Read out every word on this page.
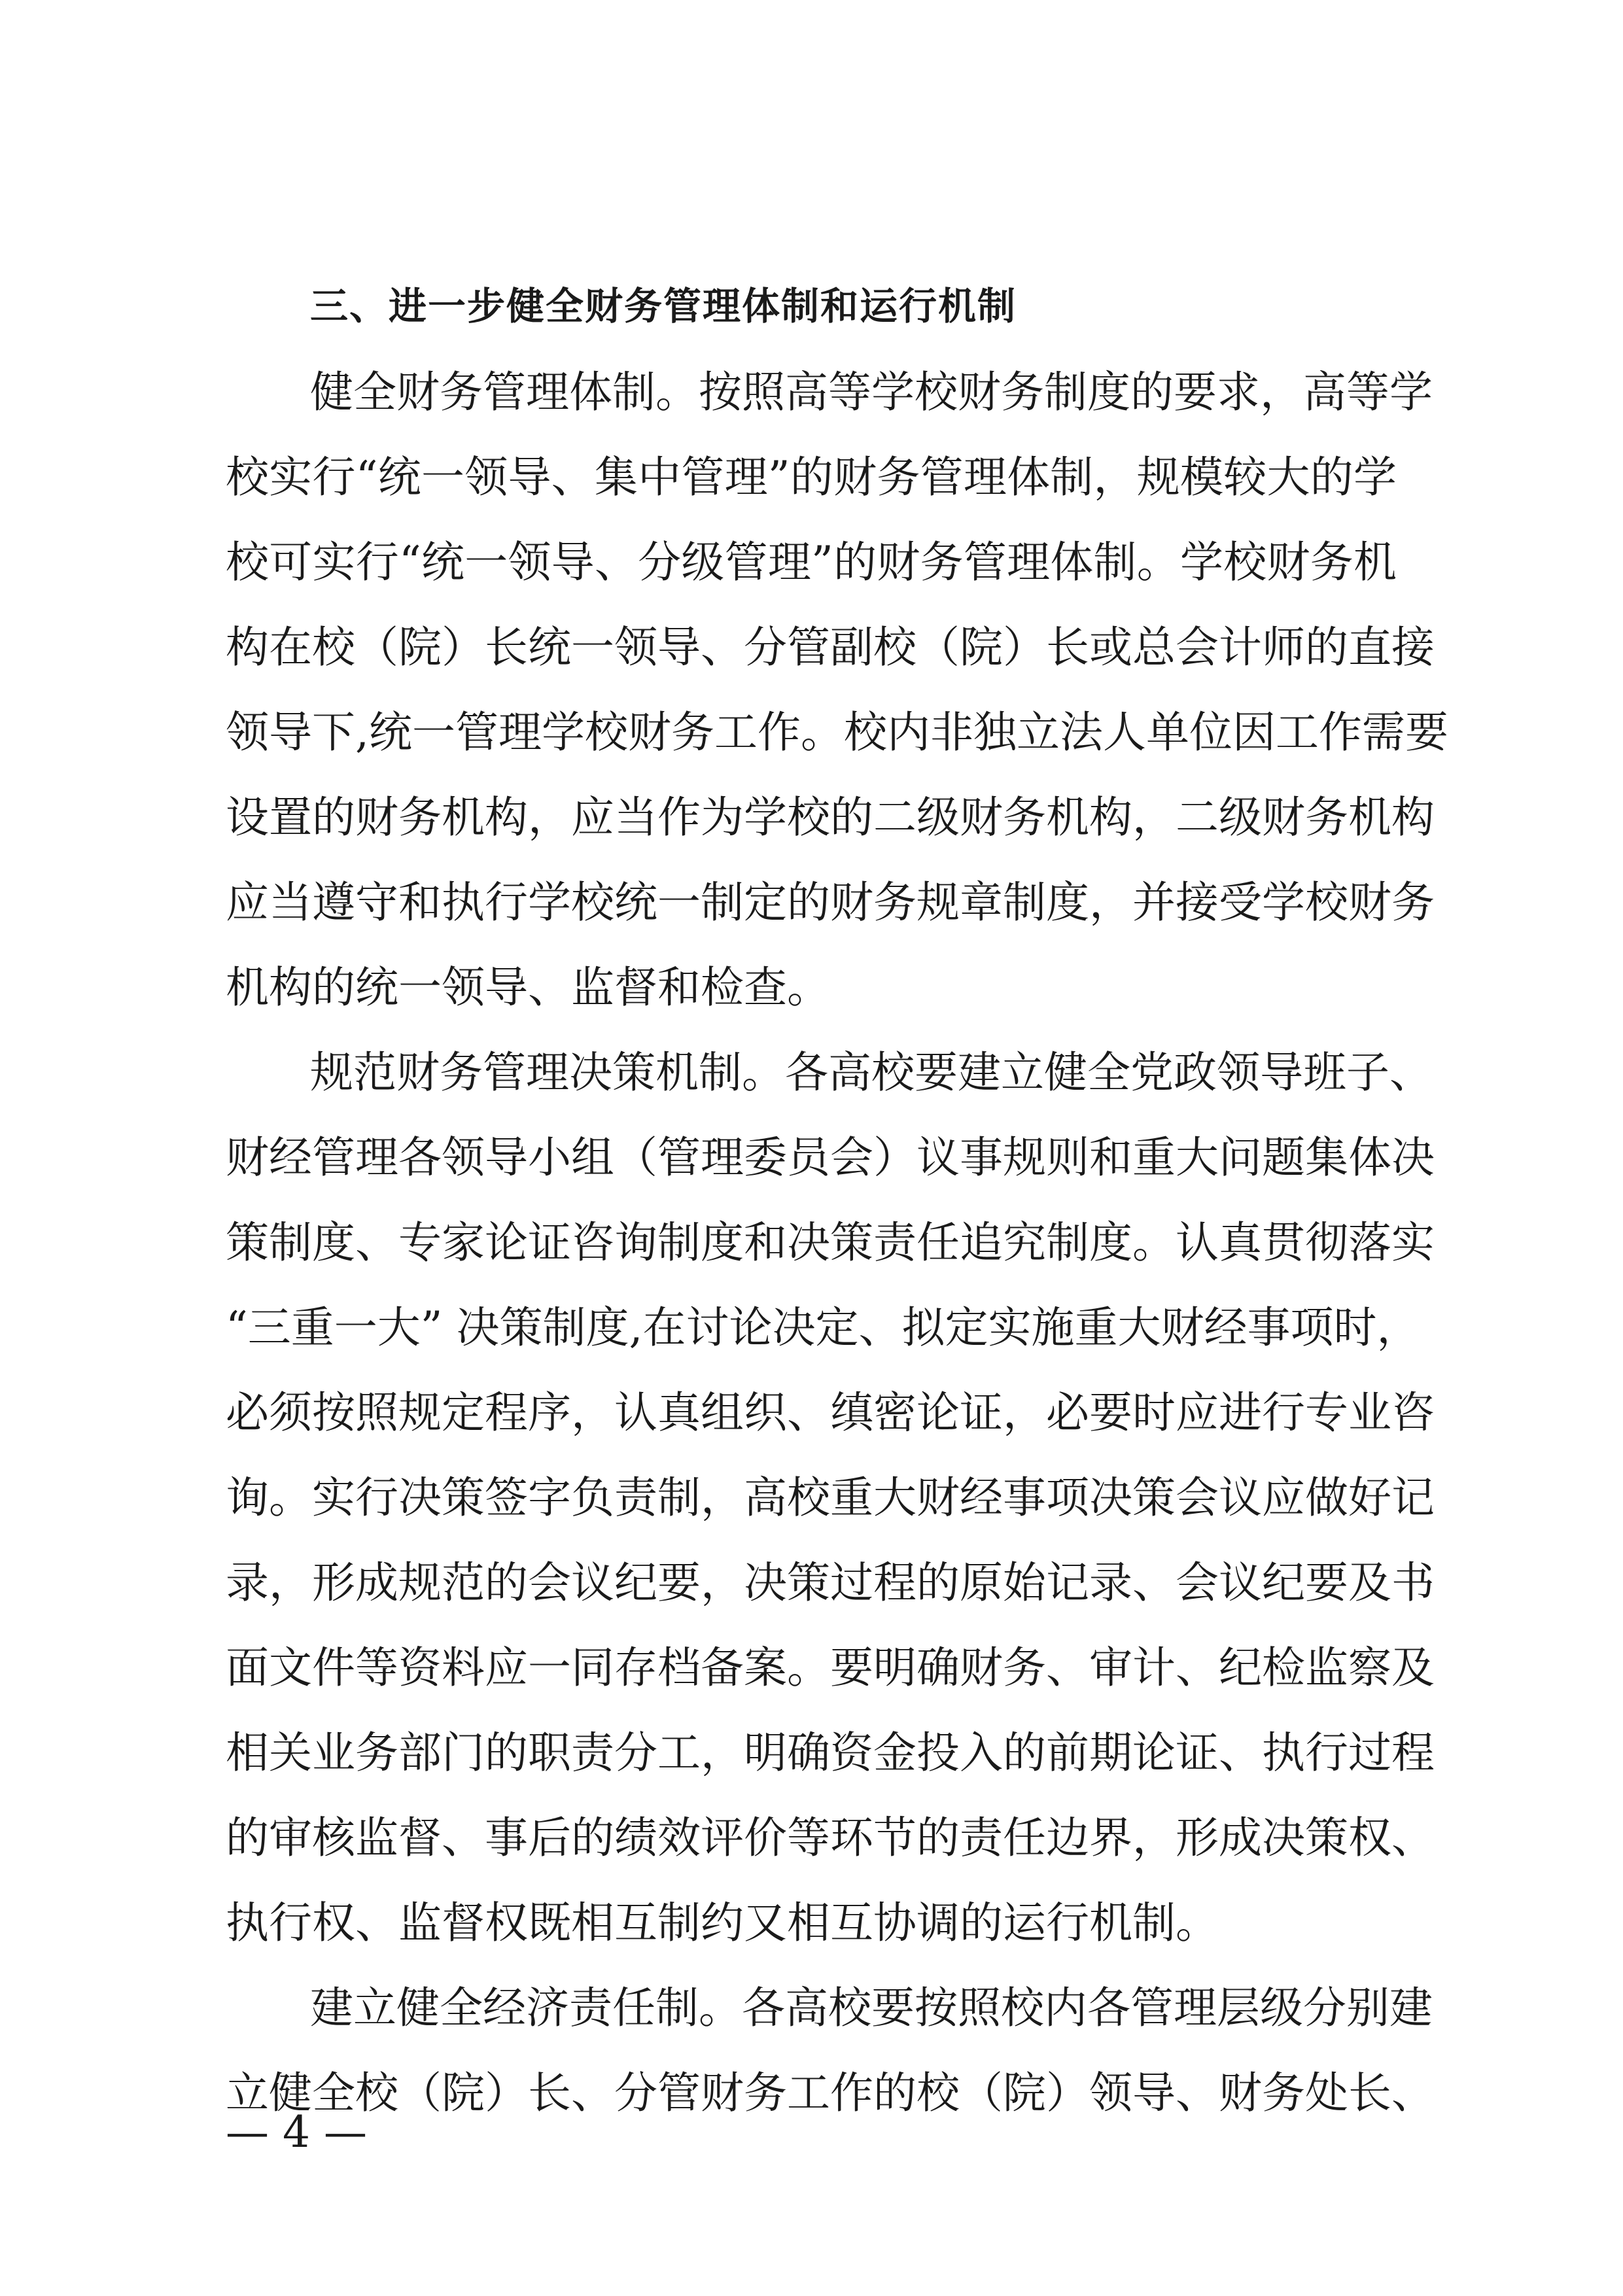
三、进一步健全财务管理体制和运行机制
健全财务管理体制。按照高等学校财务制度的要求，高等学
校实行“统一领导、集中管理”的财务管理体制，规模较大的学
校可实行“统一领导、分级管理”的财务管理体制。学校财务机
构在校（院）长统一领导、分管副校（院）长或总会计师的直接
领导下,统一管理学校财务工作。校内非独立法人单位因工作需要
设置的财务机构，应当作为学校的二级财务机构，二级财务机构
应当遵守和执行学校统一制定的财务规章制度，并接受学校财务
机构的统一领导、监督和检查。
规范财务管理决策机制。各高校要建立健全党政领导班子、
财经管理各领导小组（管理委员会）议事规则和重大问题集体决
策制度、专家论证咨询制度和决策责任追究制度。认真贯彻落实
“三重一大” 决策制度,在讨论决定、拟定实施重大财经事项时，
必须按照规定程序，认真组织、缜密论证，必要时应进行专业咨
询。实行决策签字负责制，高校重大财经事项决策会议应做好记
录，形成规范的会议纪要，决策过程的原始记录、会议纪要及书
面文件等资料应一同存档备案。要明确财务、审计、纪检监察及
相关业务部门的职责分工，明确资金投入的前期论证、执行过程
的审核监督、事后的绩效评价等环节的责任边界，形成决策权、
执行权、监督权既相互制约又相互协调的运行机制。
建立健全经济责任制。各高校要按照校内各管理层级分别建
立健全校（院）长、分管财务工作的校（院）领导、财务处长、
— 4 —
